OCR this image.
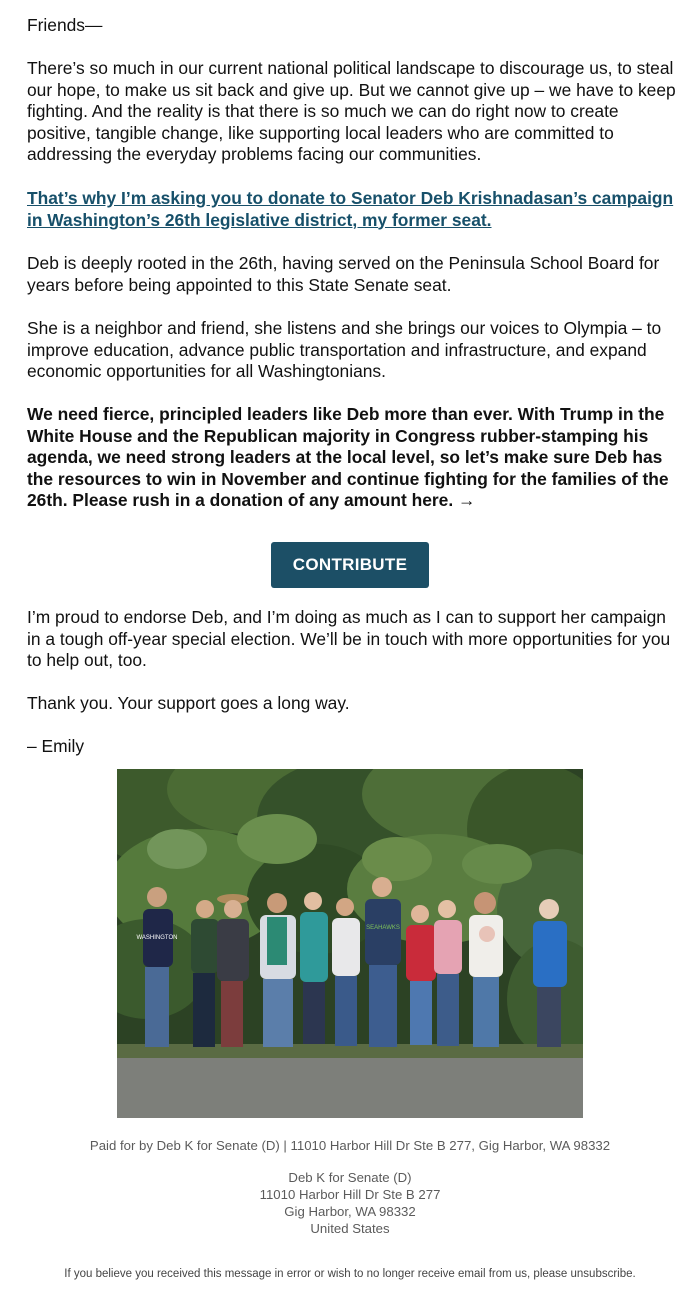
Friends—

There’s so much in our current national political landscape to discourage us, to steal our hope, to make us sit back and give up. But we cannot give up – we have to keep fighting. And the reality is that there is so much we can do right now to create positive, tangible change, like supporting local leaders who are committed to addressing the everyday problems facing our communities.

That’s why I’m asking you to donate to Senator Deb Krishnadasan’s campaign in Washington’s 26th legislative district, my former seat.

Deb is deeply rooted in the 26th, having served on the Peninsula School Board for years before being appointed to this State Senate seat.

She is a neighbor and friend, she listens and she brings our voices to Olympia – to improve education, advance public transportation and infrastructure, and expand economic opportunities for all Washingtonians.

We need fierce, principled leaders like Deb more than ever. With Trump in the White House and the Republican majority in Congress rubber-stamping his agenda, we need strong leaders at the local level, so let’s make sure Deb has the resources to win in November and continue fighting for the families of the 26th. Please rush in a donation of any amount here. →

I’m proud to endorse Deb, and I’m doing as much as I can to support her campaign in a tough off-year special election. We’ll be in touch with more opportunities for you to help out, too.

Thank you. Your support goes a long way.

– Emily

CONTRIBUTE
WASHINGTON
SEAHAWKS
Paid for by Deb K for Senate (D) | 11010 Harbor Hill Dr Ste B 277, Gig Harbor, WA 98332
Deb K for Senate (D)
11010 Harbor Hill Dr Ste B 277
Gig Harbor, WA 98332
United States
If you believe you received this message in error or wish to no longer receive email from us, please unsubscribe.
